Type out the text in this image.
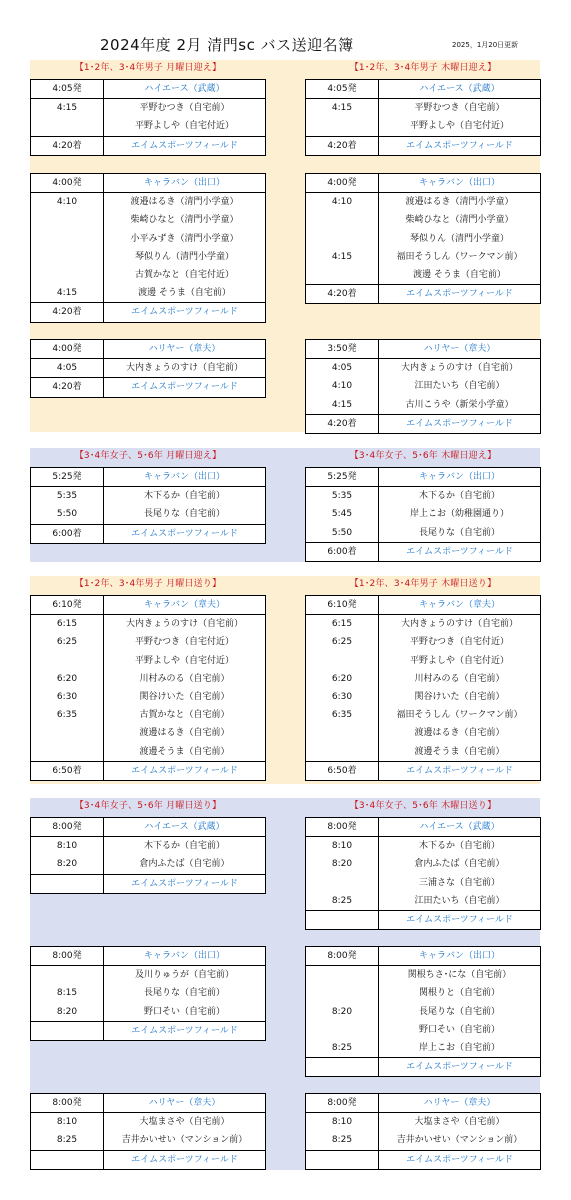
2024年度 2月 清門sc バス送迎名簿	2025，1月20日更新
【1･2年、3･4年男子 月曜日迎え】
4:05発	ハイエース（武蔵）
4:15	平野むつき（自宅前）
平野よしや（自宅付近）
4:20着	エイムスポーツフィールド
4:00発	キャラバン（出口）
4:10	渡邉はるき（清門小学童）
柴崎ひなと（清門小学童）
小平みずき（清門小学童）
琴似りん（清門小学童）
古賀かなと（自宅付近）
4:15	渡邊 そうま（自宅前）
4:20着	エイムスポーツフィールド
4:00発	ハリヤー（章夫）
4:05	大内きょうのすけ（自宅前）
4:20着	エイムスポーツフィールド
【1･2年、3･4年男子 木曜日迎え】
4:05発	ハイエース（武蔵）
4:15	平野むつき（自宅前）
平野よしや（自宅付近）
4:20着	エイムスポーツフィールド
4:00発	キャラバン（出口）
4:10	渡邉はるき（清門小学童）
柴崎ひなと（清門小学童）
琴似りん（清門小学童）
4:15	福田そうしん（ワークマン前）
渡邊 そうま（自宅前）
4:20着	エイムスポーツフィールド
3:50発	ハリヤー（章夫）
4:05	大内きょうのすけ（自宅前）
4:10	江田たいち（自宅前）
4:15	古川こうや（新栄小学童）
4:20着	エイムスポーツフィールド
【3･4年女子、5･6年 月曜日迎え】
5:25発	キャラバン（出口）
5:35	木下るか（自宅前）
5:50	長尾りな（自宅前）
6:00着	エイムスポーツフィールド
【3･4年女子、5･6年 木曜日迎え】
5:25発	キャラバン（出口）
5:35	木下るか（自宅前）
5:45	岸上こお（幼稚園通り）
5:50	長尾りな（自宅前）
6:00着	エイムスポーツフィールド
【1･2年、3･4年男子 月曜日送り】
6:10発	キャラバン（章夫）
6:15	大内きょうのすけ（自宅前）
6:25	平野むつき（自宅付近）
平野よしや（自宅付近）
6:20	川村みのる（自宅前）
6:30	関谷けいた（自宅前）
6:35	古賀かなと（自宅前）
渡邊はるき（自宅前）
渡邊そうま（自宅前）
6:50着	エイムスポーツフィールド
【1･2年、3･4年男子 木曜日送り】
6:10発	キャラバン（章夫）
6:15	大内きょうのすけ（自宅前）
6:25	平野むつき（自宅付近）
平野よしや（自宅付近）
6:20	川村みのる（自宅前）
6:30	関谷けいた（自宅前）
6:35	福田そうしん（ワークマン前）
渡邊はるき（自宅前）
渡邊そうま（自宅前）
6:50着	エイムスポーツフィールド
【3･4年女子、5･6年 月曜日送り】
8:00発	ハイエース（武蔵）
8:10	木下るか（自宅前）
8:20	倉内ふたば（自宅前）
エイムスポーツフィールド
8:00発	キャラバン（出口）
及川りゅうが（自宅前）
8:15	長尾りな（自宅前）
8:20	野口そい（自宅前）
エイムスポーツフィールド
8:00発	ハリヤー（章夫）
8:10	大塩まさや（自宅前）
8:25	吉井かいせい（マンション前）
エイムスポーツフィールド
【3･4年女子、5･6年 木曜日送り】
8:00発	ハイエース（武蔵）
8:10	木下るか（自宅前）
8:20	倉内ふたば（自宅前）
三浦さな（自宅前）
8:25	江田たいち（自宅前）
エイムスポーツフィールド
8:00発	キャラバン（出口）
関根ちさ･にな（自宅前）
関根りと（自宅前）
8:20	長尾りな（自宅前）
野口そい（自宅前）
8:25	岸上こお（自宅前）
エイムスポーツフィールド
8:00発	ハリヤー（章夫）
8:10	大塩まさや（自宅前）
8:25	吉井かいせい（マンション前）
エイムスポーツフィールド
